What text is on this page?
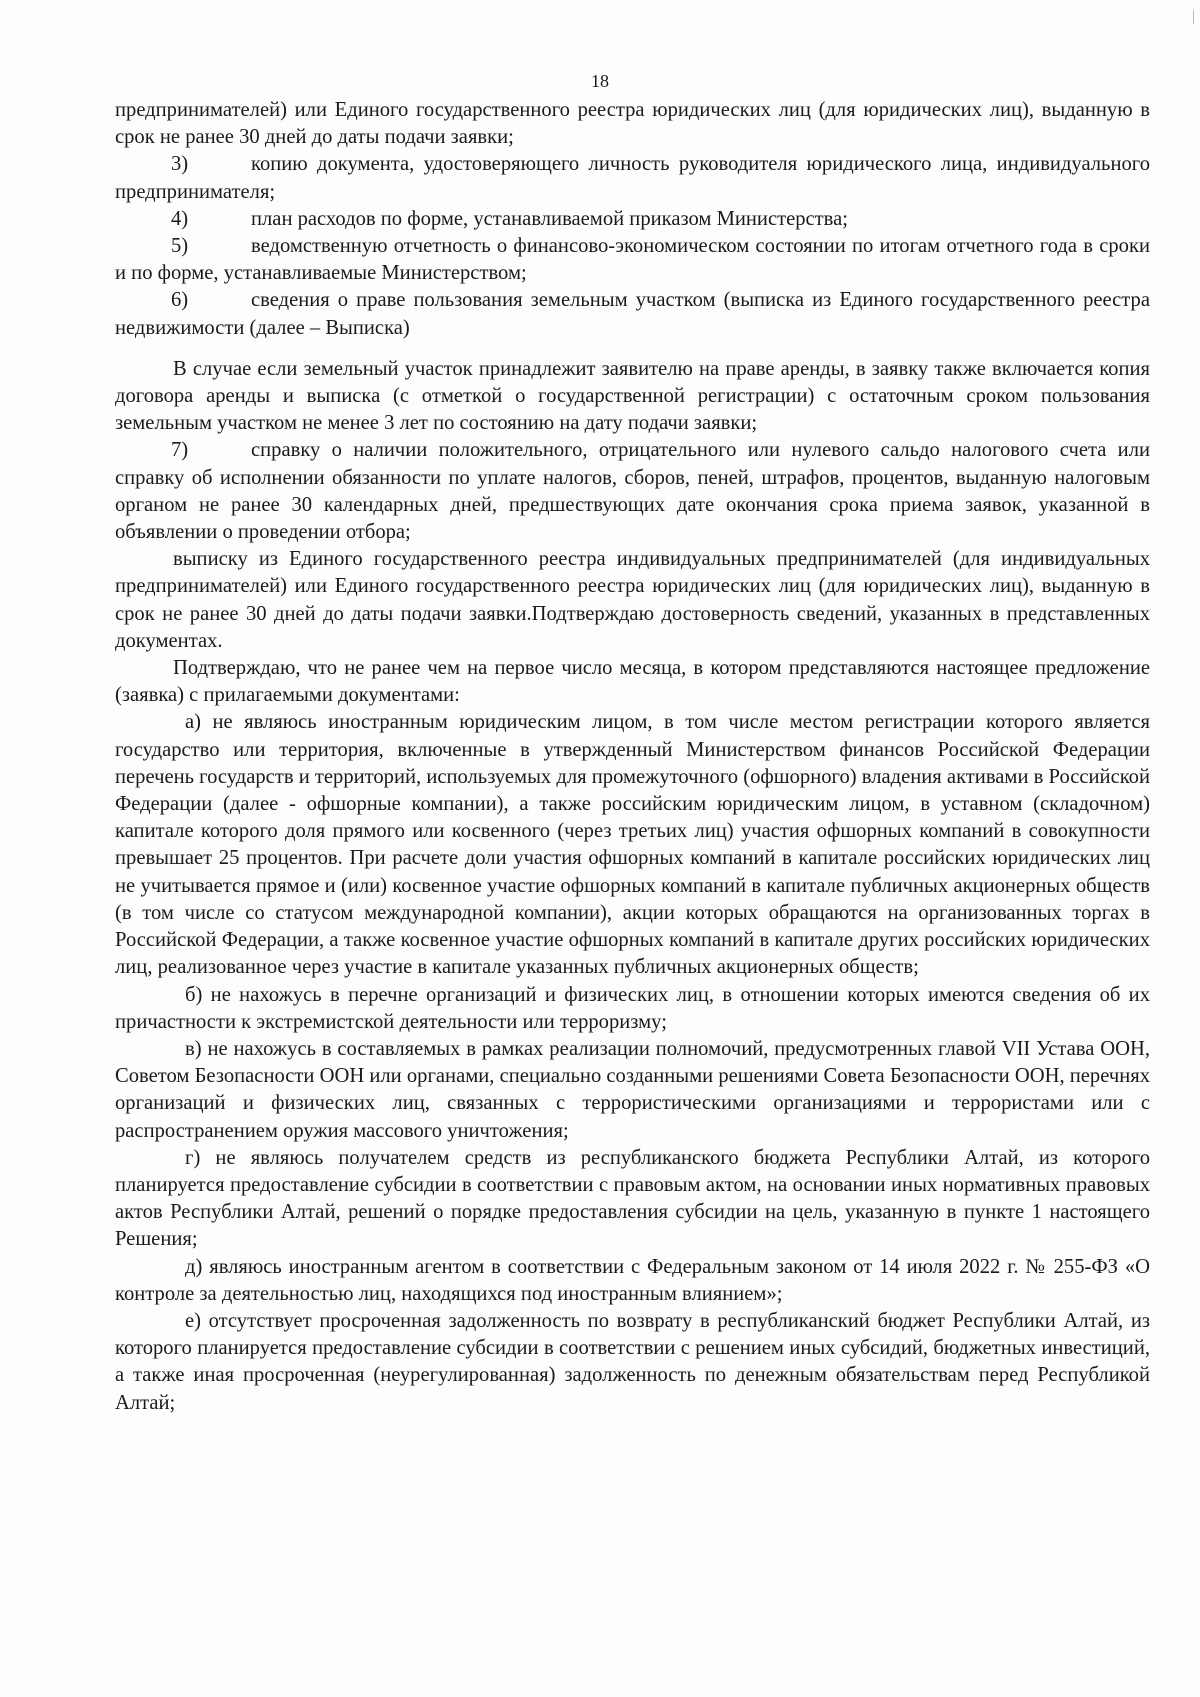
18

предпринимателей) или Единого государственного реестра юридических лиц (для юридических лиц), выданную в срок не ранее 30 дней до даты подачи заявки;

3)	копию документа, удостоверяющего личность руководителя юридического лица, индивидуального предпринимателя;

4)	план расходов по форме, устанавливаемой приказом Министерства;

5)	ведомственную отчетность о финансово-экономическом состоянии по итогам отчетного года в сроки и по форме, устанавливаемые Министерством;

6)	сведения о праве пользования земельным участком (выписка из Единого государственного реестра недвижимости (далее – Выписка)

В случае если земельный участок принадлежит заявителю на праве аренды, в заявку также включается копия договора аренды и выписка (с отметкой о государственной регистрации) с остаточным сроком пользования земельным участком не менее 3 лет по состоянию на дату подачи заявки;

7)	справку о наличии положительного, отрицательного или нулевого сальдо налогового счета или справку об исполнении обязанности по уплате налогов, сборов, пеней, штрафов, процентов, выданную налоговым органом не ранее 30 календарных дней, предшествующих дате окончания срока приема заявок, указанной в объявлении о проведении отбора;

выписку из Единого государственного реестра индивидуальных предпринимателей (для индивидуальных предпринимателей) или Единого государственного реестра юридических лиц (для юридических лиц), выданную в срок не ранее 30 дней до даты подачи заявки.Подтверждаю достоверность сведений, указанных в представленных документах.

Подтверждаю, что не ранее чем на первое число месяца, в котором представляются настоящее предложение (заявка) с прилагаемыми документами:

а) не являюсь иностранным юридическим лицом, в том числе местом регистрации которого является государство или территория, включенные в утвержденный Министерством финансов Российской Федерации перечень государств и территорий, используемых для промежуточного (офшорного) владения активами в Российской Федерации (далее - офшорные компании), а также российским юридическим лицом, в уставном (складочном) капитале которого доля прямого или косвенного (через третьих лиц) участия офшорных компаний в совокупности превышает 25 процентов. При расчете доли участия офшорных компаний в капитале российских юридических лиц не учитывается прямое и (или) косвенное участие офшорных компаний в капитале публичных акционерных обществ (в том числе со статусом международной компании), акции которых обращаются на организованных торгах в Российской Федерации, а также косвенное участие офшорных компаний в капитале других российских юридических лиц, реализованное через участие в капитале указанных публичных акционерных обществ;

б) не нахожусь в перечне организаций и физических лиц, в отношении которых имеются сведения об их причастности к экстремистской деятельности или терроризму;

в) не нахожусь в составляемых в рамках реализации полномочий, предусмотренных главой VII Устава ООН, Советом Безопасности ООН или органами, специально созданными решениями Совета Безопасности ООН, перечнях организаций и физических лиц, связанных с террористическими организациями и террористами или с распространением оружия массового уничтожения;

г) не являюсь получателем средств из республиканского бюджета Республики Алтай, из которого планируется предоставление субсидии в соответствии с правовым актом, на основании иных нормативных правовых актов Республики Алтай, решений о порядке предоставления субсидии на цель, указанную в пункте 1 настоящего Решения;

д) являюсь иностранным агентом в соответствии с Федеральным законом от 14 июля 2022 г. № 255-ФЗ «О контроле за деятельностью лиц, находящихся под иностранным влиянием»;

е) отсутствует просроченная задолженность по возврату в республиканский бюджет Республики Алтай, из которого планируется предоставление субсидии в соответствии с решением иных субсидий, бюджетных инвестиций, а также иная просроченная (неурегулированная) задолженность по денежным обязательствам перед Республикой Алтай;
